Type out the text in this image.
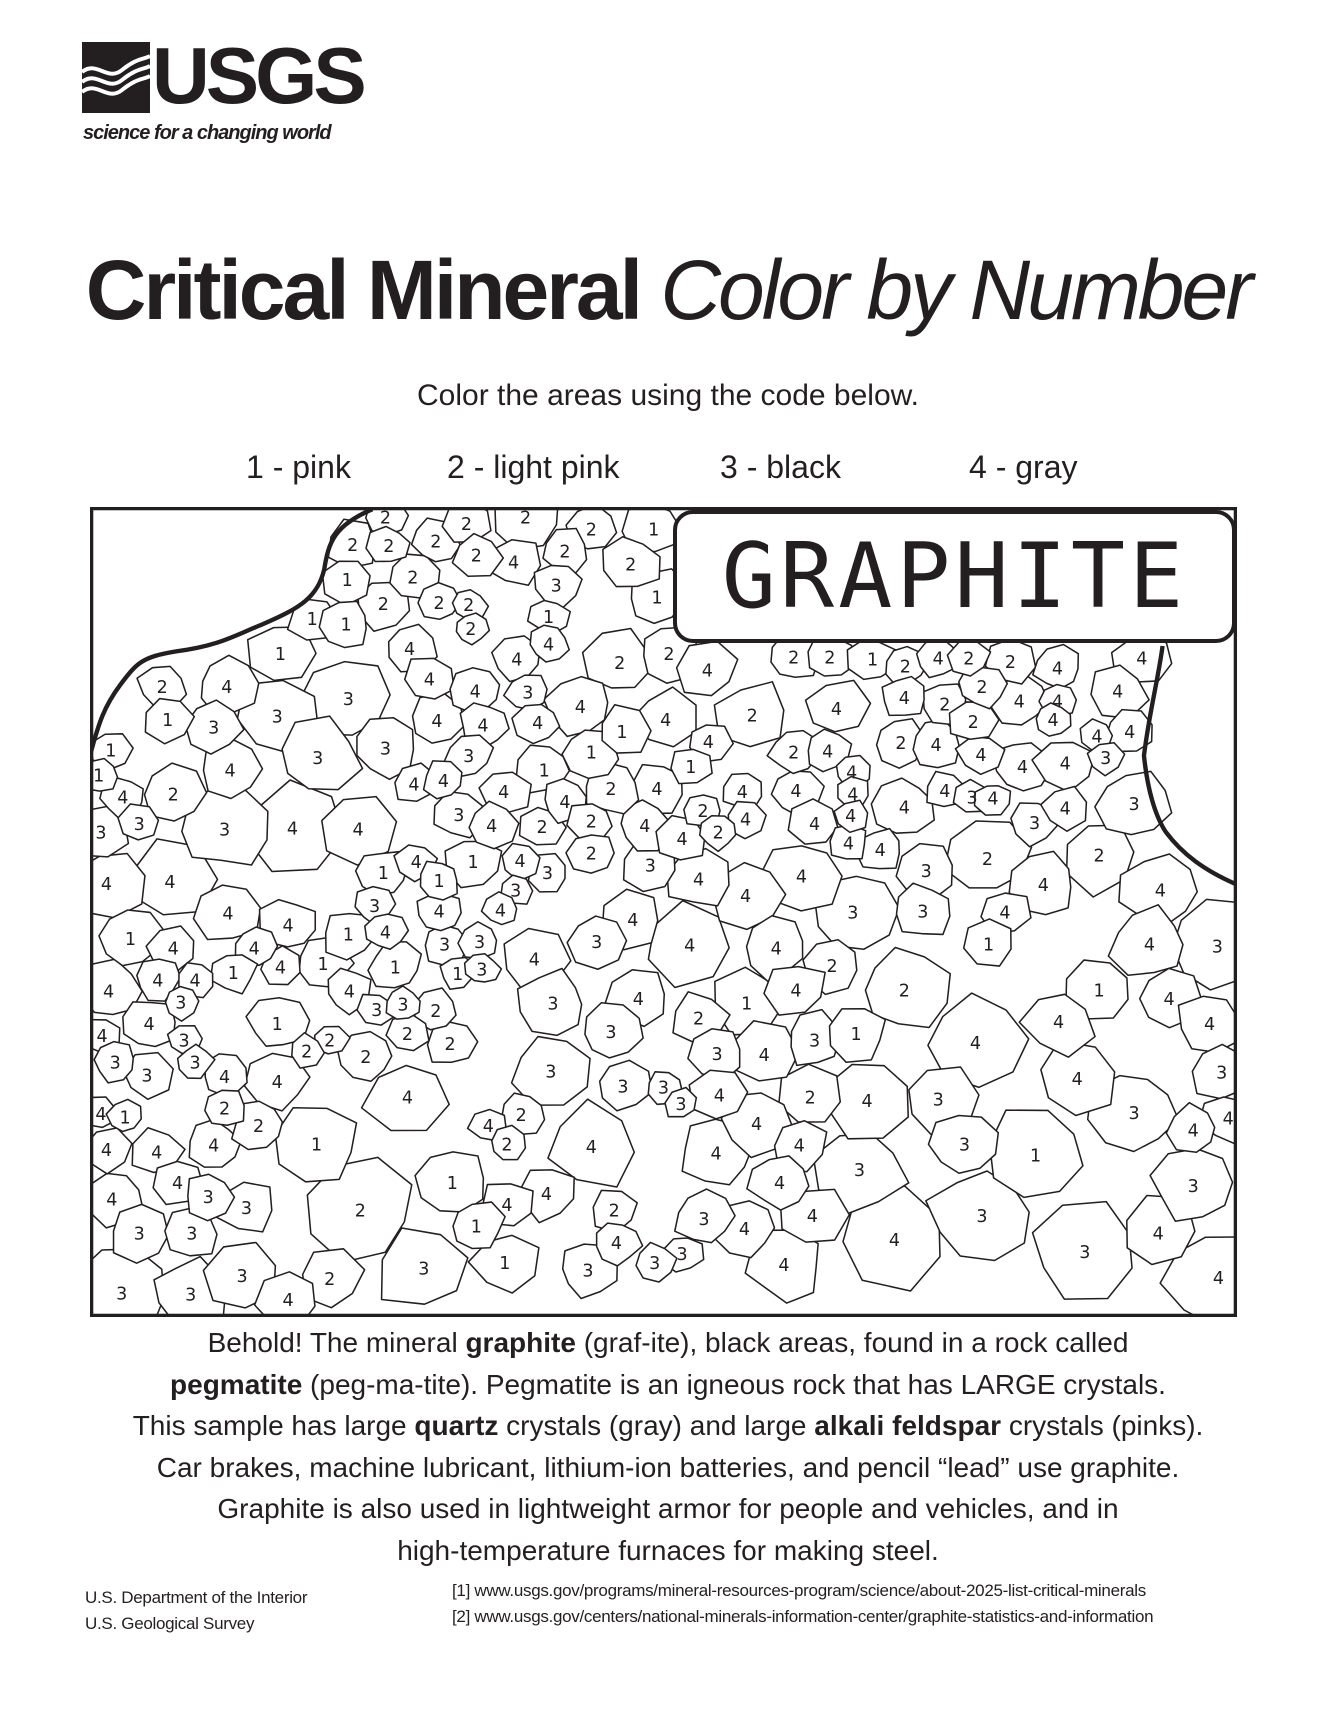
USGS
science for a changing world
Critical Mineral Color by Number
Color the areas using the code below.
1 - pink	2 - light pink	3 - black	4 - gray
2	2	2
2	1
2 2 2
2	2
2
4
1	2	3
1
2	2 2
1 1	1
2
4	4
4
1	2 2
2	4	4
4	3
4
4
2 2 1 2 4 2 2 4	4
4
4 2
2
4 4
3
3
1 3	4 4	4	4	2	4
2	4
4 4
1
1
3
3	3	1
1	4
1
2 4	2 4 4
4 4 3
4
4 4
1
4	2 4	4	4
4
4	4 3
4 2	4
3 3	3	4	4
3
4 2 2	4
2
4 2
4	4 4	4	4
3
4	3
4 4
3
2
2
2
3
4	4	1
4
1
1 4
3
3
4
4
4
3	3	4
4	4
4
4
3	4	4	4
1	1 4
3 3	3	4	4	1	4	3
4	4
4	2
4 4 1 4 1	1	1 3
4
3
4	4
4
3
2	1
1	4
3 3 2
4	1	2	4	4
3	3
2 2	3 1	4
4	2
3
3
3
2	2	3 4
3
4	4
3
3 3	4	2	4	3
4
3
4 1	2
2
4
2	3	4
4
4
2
4 4	4	1	4	4	4
4
3
1
4
3
1
4
4
3
3
4	3	2	4	2	3 4
4	3
3	3	1
4
3
4	4
3
3	2
3	1	3	3	4
4
3	3	4
GRAPHITE
Behold! The mineral graphite (graf-ite), black areas, found in a rock called
pegmatite (peg-ma-tite). Pegmatite is an igneous rock that has LARGE crystals.
This sample has large quartz crystals (gray) and large alkali feldspar crystals (pinks).
Car brakes, machine lubricant, lithium-ion batteries, and pencil “lead” use graphite.
Graphite is also used in lightweight armor for people and vehicles, and in
high-temperature furnaces for making steel.
U.S. Department of the Interior
U.S. Geological Survey
[1] www.usgs.gov/programs/mineral-resources-program/science/about-2025-list-critical-minerals
[2] www.usgs.gov/centers/national-minerals-information-center/graphite-statistics-and-information
